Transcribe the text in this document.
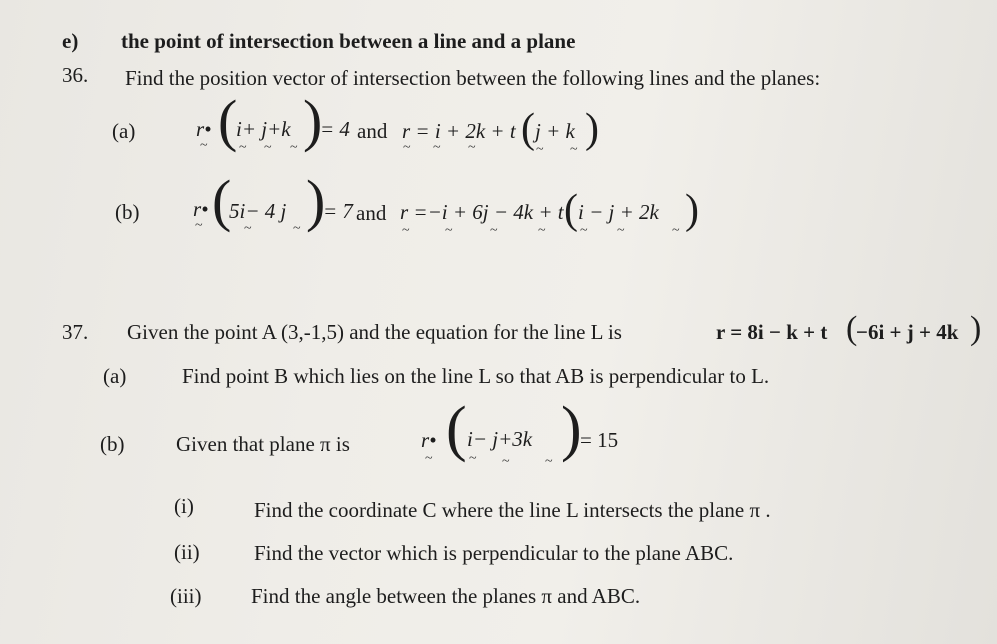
e) the point of intersection between a line and a plane
36. Find the position vector of intersection between the following lines and the planes:
(a)	r•
~ (
i+ j+k
~ ~ ~ )
= 4 and r = i + 2k + t
~ ~ ~ ( j + k
~ ~ )
(b)	r•
~ (
5i− 4 j
~	~ )
= 7 and r =−i + 6j − 4k + t
~	~	~	~ ( i − j + 2k
~ ~	~ )
37. Given the point A (3,-1,5) and the equation for the line L is	r = 8i − k + t (
−6i + j + 4k )
(a)	Find point B which lies on the line L so that AB is perpendicular to L.
(b) Given that plane π is	r•
~ ( i− j+3k
~ ~	~ )
= 15
(i)	Find the coordinate C where the line L intersects the plane π .
(ii)	Find the vector which is perpendicular to the plane ABC.
(iii) Find the angle between the planes π and ABC.
